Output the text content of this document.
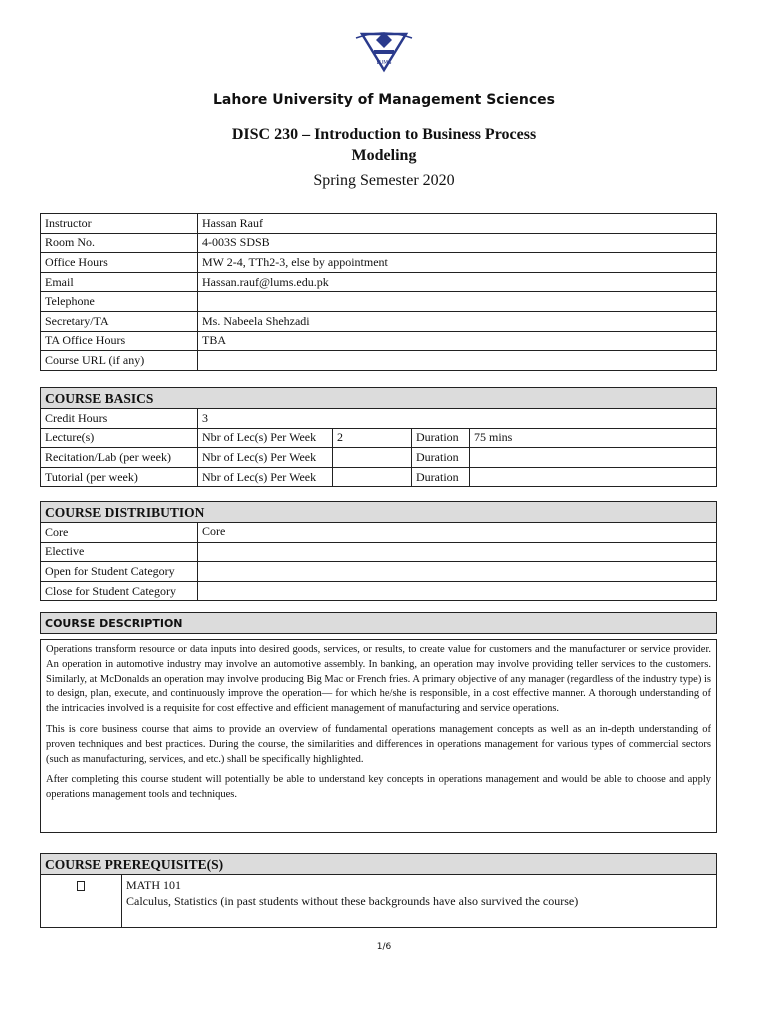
LUMS
Lahore University of Management Sciences
DISC 230 – Introduction to Business Process
Modeling
Spring Semester 2020
Instructor	Hassan Rauf
Room No.	4-003S SDSB
Office Hours	MW 2-4, TTh2-3, else by appointment
Email	Hassan.rauf@lums.edu.pk
Telephone	
Secretary/TA	Ms. Nabeela Shehzadi
TA Office Hours	TBA
Course URL (if any)	
COURSE BASICS				
Credit Hours	3			
Lecture(s)	Nbr of Lec(s) Per Week	2	Duration	75 mins
Recitation/Lab (per week)	Nbr of Lec(s) Per Week		Duration	
Tutorial (per week)	Nbr of Lec(s) Per Week		Duration	
COURSE DISTRIBUTION	
Core	Core
Elective	
Open for Student Category	
Close for Student Category	
COURSE DESCRIPTION

Operations transform resource or data inputs into desired goods, services, or results, to create value for customers and the manufacturer or service provider. An operation in automotive industry may involve an automotive assembly. In banking, an operation may involve providing teller services to the customers. Similarly, at McDonalds an operation may involve producing Big Mac or French fries. A primary objective of any manager (regardless of the industry type) is to design, plan, execute, and continuously improve the operation— for which he/she is responsible, in a cost effective manner. A thorough understanding of the intricacies involved is a requisite for cost effective and efficient management of manufacturing and service operations.

This is core business course that aims to provide an overview of fundamental operations management concepts as well as an in-depth understanding of proven techniques and best practices. During the course, the similarities and differences in operations management for various types of commercial sectors (such as manufacturing, services, and etc.) shall be specifically highlighted.

After completing this course student will potentially be able to understand key concepts in operations management and would be able to choose and apply operations management tools and techniques.

COURSE PREREQUISITE(S)

MATH 101
Calculus, Statistics (in past students without these backgrounds have also survived the course)
1/6
